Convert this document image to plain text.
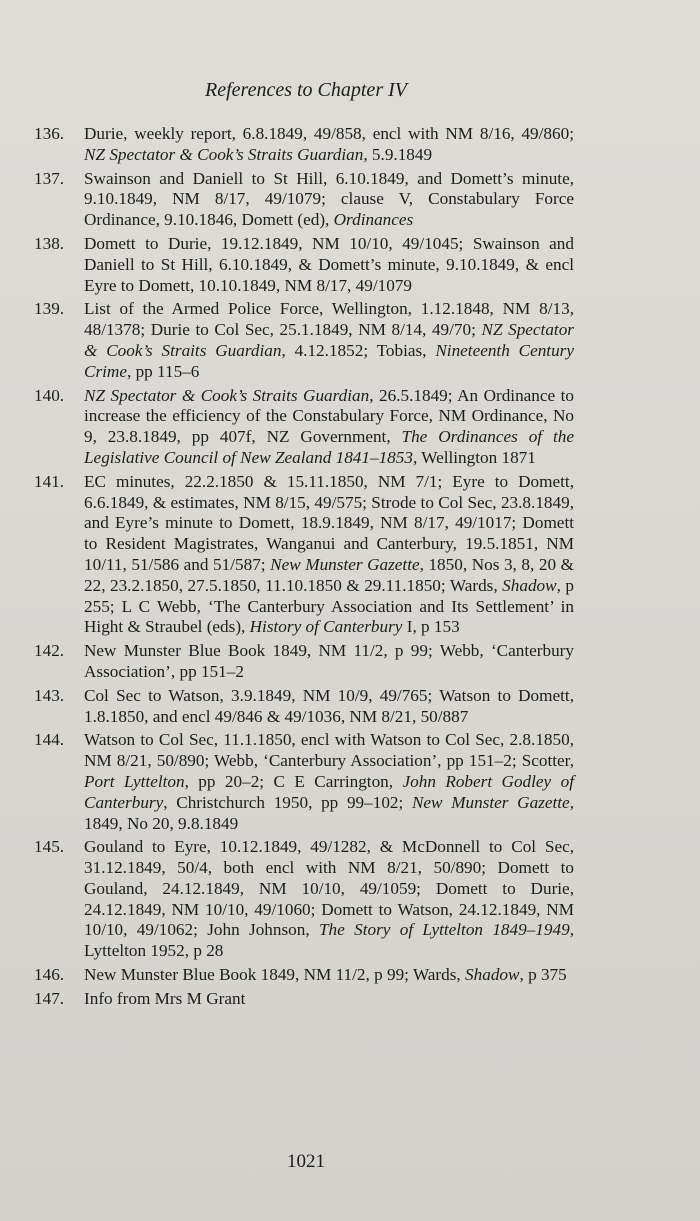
References to Chapter IV
136.	Durie, weekly report, 6.8.1849, 49/858, encl with NM 8/16, 49/860; NZ Spectator & Cook’s Straits Guardian, 5.9.1849
137.	Swainson and Daniell to St Hill, 6.10.1849, and Domett’s minute, 9.10.1849, NM 8/17, 49/1079; clause V, Constabulary Force Ordinance, 9.10.1846, Domett (ed), Ordinances
138.	Domett to Durie, 19.12.1849, NM 10/10, 49/1045; Swainson and Daniell to St Hill, 6.10.1849, & Domett’s minute, 9.10.1849, & encl Eyre to Domett, 10.10.1849, NM 8/17, 49/1079
139.	List of the Armed Police Force, Wellington, 1.12.1848, NM 8/13, 48/1378; Durie to Col Sec, 25.1.1849, NM 8/14, 49/70; NZ Spectator & Cook’s Straits Guardian, 4.12.1852; Tobias, Nineteenth Century Crime, pp 115–6
140.	NZ Spectator & Cook’s Straits Guardian, 26.5.1849; An Ordinance to increase the efficiency of the Constabulary Force, NM Ordinance, No 9, 23.8.1849, pp 407f, NZ Government, The Ordinances of the Legislative Council of New Zealand 1841–1853, Wellington 1871
141.	EC minutes, 22.2.1850 & 15.11.1850, NM 7/1; Eyre to Domett, 6.6.1849, & estimates, NM 8/15, 49/575; Strode to Col Sec, 23.8.1849, and Eyre’s minute to Domett, 18.9.1849, NM 8/17, 49/1017; Domett to Resident Magistrates, Wanganui and Canterbury, 19.5.1851, NM 10/11, 51/586 and 51/587; New Munster Gazette, 1850, Nos 3, 8, 20 & 22, 23.2.1850, 27.5.1850, 11.10.1850 & 29.11.1850; Wards, Shadow, p 255; L C Webb, ‘The Canterbury Association and Its Settlement’ in Hight & Straubel (eds), History of Canterbury I, p 153
142.	New Munster Blue Book 1849, NM 11/2, p 99; Webb, ‘Canterbury Association’, pp 151–2
143.	Col Sec to Watson, 3.9.1849, NM 10/9, 49/765; Watson to Domett, 1.8.1850, and encl 49/846 & 49/1036, NM 8/21, 50/887
144.	Watson to Col Sec, 11.1.1850, encl with Watson to Col Sec, 2.8.1850, NM 8/21, 50/890; Webb, ‘Canterbury Association’, pp 151–2; Scotter, Port Lyttelton, pp 20–2; C E Carrington, John Robert Godley of Canterbury, Christchurch 1950, pp 99–102; New Munster Gazette, 1849, No 20, 9.8.1849
145.	Gouland to Eyre, 10.12.1849, 49/1282, & McDonnell to Col Sec, 31.12.1849, 50/4, both encl with NM 8/21, 50/890; Domett to Gouland, 24.12.1849, NM 10/10, 49/1059; Domett to Durie, 24.12.1849, NM 10/10, 49/1060; Domett to Watson, 24.12.1849, NM 10/10, 49/1062; John Johnson, The Story of Lyttelton 1849–1949, Lyttelton 1952, p 28
146.	New Munster Blue Book 1849, NM 11/2, p 99; Wards, Shadow, p 375
147.	Info from Mrs M Grant
1021
